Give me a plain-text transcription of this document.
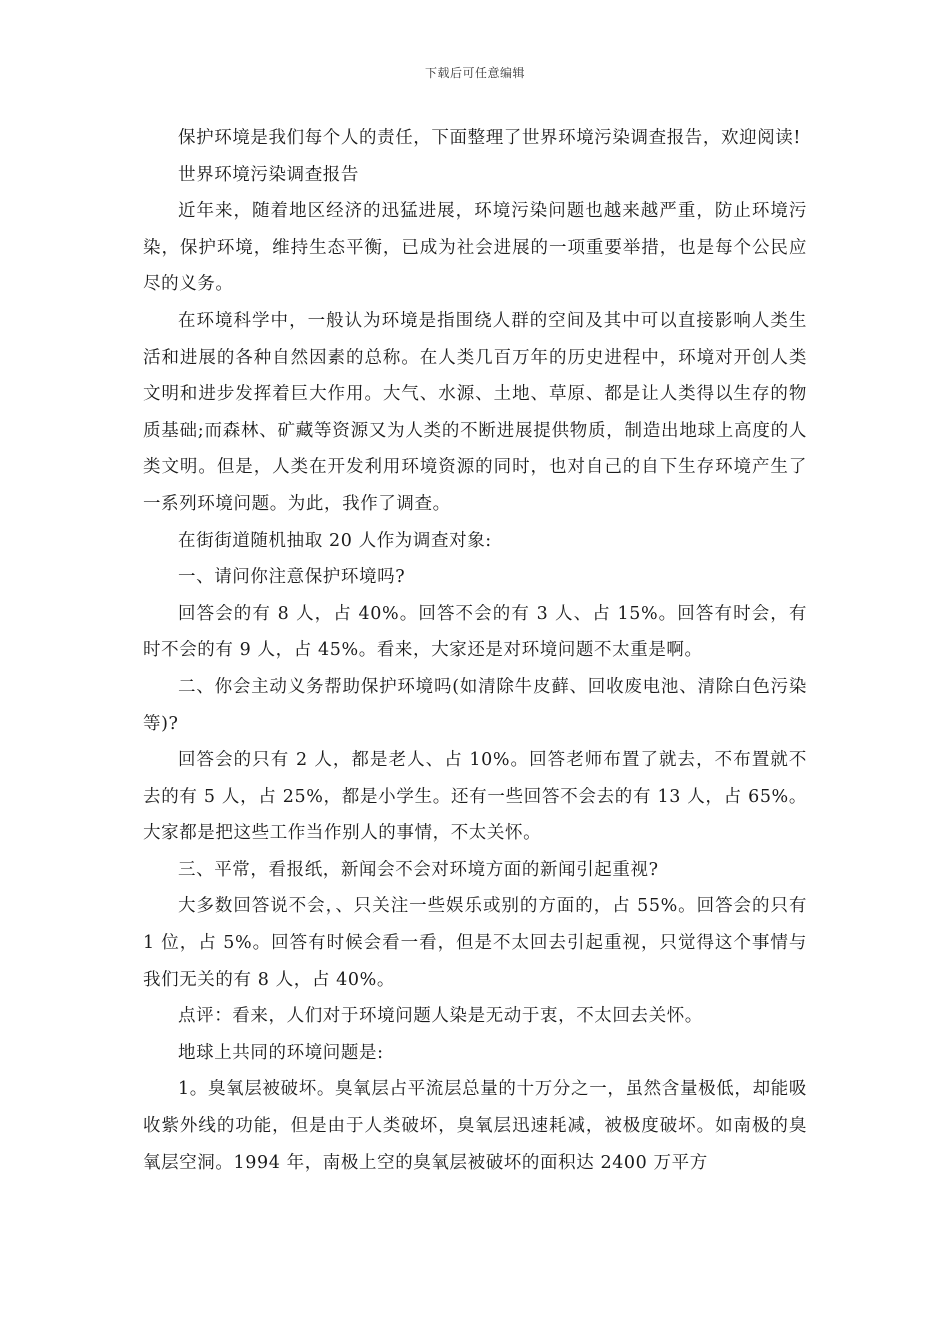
下载后可任意编辑

保护环境是我们每个人的责任，下面整理了世界环境污染调查报告，欢迎阅读!

世界环境污染调查报告

近年来，随着地区经济的迅猛进展，环境污染问题也越来越严重，防止环境污染，保护环境，维持生态平衡，已成为社会进展的一项重要举措，也是每个公民应尽的义务。

在环境科学中，一般认为环境是指围绕人群的空间及其中可以直接影响人类生活和进展的各种自然因素的总称。在人类几百万年的历史进程中，环境对开创人类文明和进步发挥着巨大作用。大气、水源、土地、草原、都是让人类得以生存的物质基础;而森林、矿藏等资源又为人类的不断进展提供物质，制造出地球上高度的人类文明。但是，人类在开发利用环境资源的同时，也对自己的自下生存环境产生了一系列环境问题。为此，我作了调查。

在街街道随机抽取 20 人作为调查对象:

一、请问你注意保护环境吗?

回答会的有 8 人，占 40%。回答不会的有 3 人、占 15%。回答有时会，有时不会的有 9 人，占 45%。看来，大家还是对环境问题不太重是啊。

二、你会主动义务帮助保护环境吗(如清除牛皮藓、回收废电池、清除白色污染等)?

回答会的只有 2 人，都是老人、占 10%。回答老师布置了就去，不布置就不去的有 5 人，占 25%，都是小学生。还有一些回答不会去的有 13 人，占 65%。大家都是把这些工作当作别人的事情，不太关怀。

三、平常，看报纸，新闻会不会对环境方面的新闻引起重视?

大多数回答说不会，、只关注一些娱乐或别的方面的，占 55%。回答会的只有 1 位，占 5%。回答有时候会看一看，但是不太回去引起重视，只觉得这个事情与我们无关的有 8 人，占 40%。

点评：看来，人们对于环境问题人染是无动于衷，不太回去关怀。

地球上共同的环境问题是:

1。臭氧层被破坏。臭氧层占平流层总量的十万分之一，虽然含量极低，却能吸收紫外线的功能，但是由于人类破坏，臭氧层迅速耗减，被极度破坏。如南极的臭氧层空洞。1994 年，南极上空的臭氧层被破坏的面积达 2400 万平方
